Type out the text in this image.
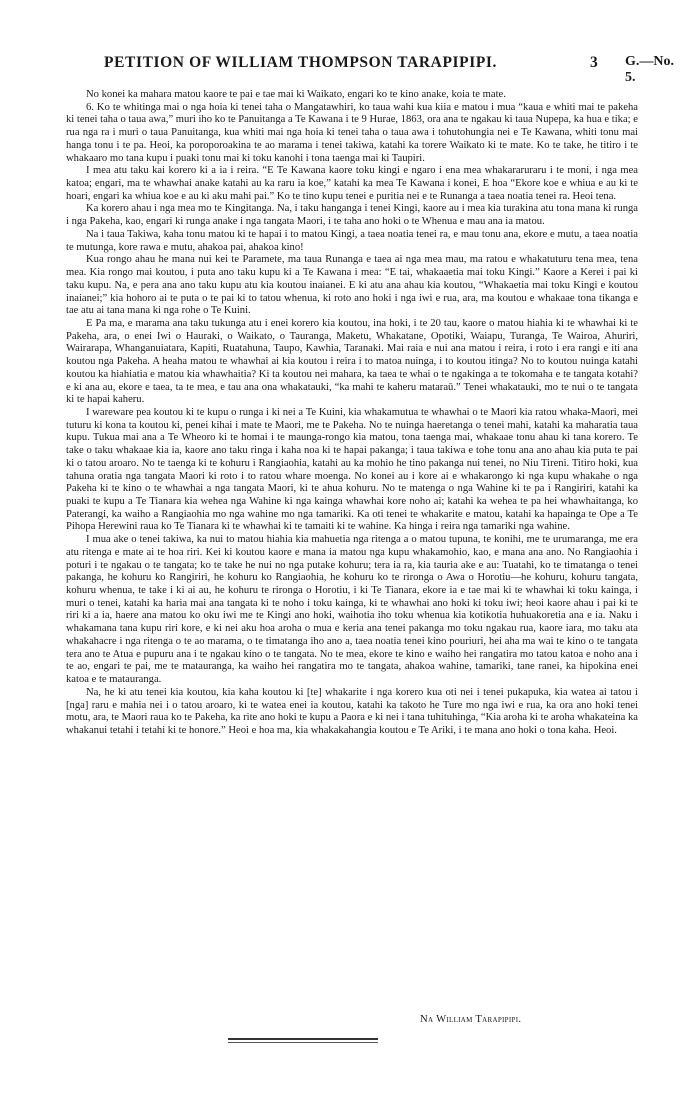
PETITION OF WILLIAM THOMPSON TARAPIPIPI.	3 G.—No. 5.

No konei ka mahara matou kaore te pai e tae mai ki Waikato, engari ko te kino anake, koia te mate.

6. Ko te whitinga mai o nga hoia ki tenei taha o Mangatawhiri, ko taua wahi kua kiia e matou i mua “kaua e whiti mai te pakeha ki tenei taha o taua awa,” muri iho ko te Panuitanga a Te Kawana i te 9 Hurae, 1863, ora ana te ngakau ki taua Nupepa, ka hua e tika; e rua nga ra i muri o taua Panuitanga, kua whiti mai nga hoia ki tenei taha o taua awa i tohutohungia nei e Te Kawana, whiti tonu mai hanga tonu i te pa. Heoi, ka poroporoakina te ao marama i tenei takiwa, katahi ka torere Waikato ki te mate. Ko te take, he titiro i te whakaaro mo tana kupu i puaki tonu mai ki toku kanohi i tona taenga mai ki Taupiri.

I mea atu taku kai korero ki a ia i reira. “E Te Kawana kaore toku kingi e ngaro i ena mea whakararuraru i te moni, i nga mea katoa; engari, ma te whawhai anake katahi au ka raru ia koe,” katahi ka mea Te Kawana i konei, E hoa “Ekore koe e whiua e au ki te hoari, engari ka whiua koe e au ki aku mahi pai.” Ko te tino kupu tenei e puritia nei e te Runanga a taea noatia tenei ra. Heoi tena.

Ka korero ahau i nga mea mo te Kingitanga. Na, i taku hanganga i tenei Kingi, kaore au i mea kia turakina atu tona mana ki runga i nga Pakeha, kao, engari ki runga anake i nga tangata Maori, i te taha ano hoki o te Whenua e mau ana ia matou.

Na i taua Takiwa, kaha tonu matou ki te hapai i to matou Kingi, a taea noatia tenei ra, e mau tonu ana, ekore e mutu, a taea noatia te mutunga, kore rawa e mutu, ahakoa pai, ahakoa kino!

Kua rongo ahau he mana nui kei te Paramete, ma taua Runanga e taea ai nga mea mau, ma ratou e whakatuturu tena mea, tena mea. Kia rongo mai koutou, i puta ano taku kupu ki a Te Kawana i mea: “E tai, whakaaetia mai toku Kingi.” Kaore a Kerei i pai ki taku kupu. Na, e pera ana ano taku kupu atu kia koutou inaianei. E ki atu ana ahau kia koutou, “Whakaetia mai toku Kingi e koutou inaianei;” kia hohoro ai te puta o te pai ki to tatou whenua, ki roto ano hoki i nga iwi e rua, ara, ma koutou e whakaae tona tikanga e tae atu ai tana mana ki nga rohe o Te Kuini.

E Pa ma, e marama ana taku tukunga atu i enei korero kia koutou, ina hoki, i te 20 tau, kaore o matou hiahia ki te whawhai ki te Pakeha, ara, o enei Iwi o Hauraki, o Waikato, o Tauranga, Maketu, Whakatane, Opotiki, Waiapu, Turanga, Te Wairoa, Ahuriri, Wairarapa, Whanganuiatara, Kapiti, Ruatahuna, Taupo, Kawhia, Taranaki. Mai raia e nui ana matou i reira, i roto i era rangi e iti ana koutou nga Pakeha. A heaha matou te whawhai ai kia koutou i reira i to matoa nuinga, i to koutou itinga? No to koutou nuinga katahi koutou ka hiahiatia e matou kia whawhaitia? Ki ta koutou nei mahara, ka taea te whai o te ngakinga a te tokomaha e te tangata kotahi? e ki ana au, ekore e taea, ta te mea, e tau ana ona whakatauki, “ka mahi te kaheru mataraū.” Tenei whakatauki, mo te nui o te tangata ki te hapai kaheru.

I wareware pea koutou ki te kupu o runga i ki nei a Te Kuini, kia whakamutua te whawhai o te Maori kia ratou whaka-Maori, mei tuturu ki kona ta koutou ki, penei kihai i mate te Maori, me te Pakeha. No te nuinga haeretanga o tenei mahi, katahi ka maharatia taua kupu. Tukua mai ana a Te Wheoro ki te homai i te maunga-rongo kia matou, tona taenga mai, whakaae tonu ahau ki tana korero. Te take o taku whakaae kia ia, kaore ano taku ringa i kaha noa ki te hapai pakanga; i taua takiwa e tohe tonu ana ano ahau kia puta te pai ki o tatou aroaro. No te taenga ki te kohuru i Rangiaohia, katahi au ka mohio he tino pakanga nui tenei, no Niu Tireni. Titiro hoki, kua tahuna oratia nga tangata Maori ki roto i to ratou whare moenga. No konei au i kore ai e whakarongo ki nga kupu whakahe o nga Pakeha ki te kino o te whawhai a nga tangata Maori, ki te ahua kohuru. No te matenga o nga Wahine ki te pa i Rangiriri, katahi ka puaki te kupu a Te Tianara kia wehea nga Wahine ki nga kainga whawhai kore noho ai; katahi ka wehea te pa hei whawhaitanga, ko Paterangi, ka waiho a Rangiaohia mo nga wahine mo nga tamariki. Ka oti tenei te whakarite e matou, katahi ka hapainga te Ope a Te Pihopa Herewini raua ko Te Tianara ki te whawhai ki te tamaiti ki te wahine. Ka hinga i reira nga tamariki nga wahine.

I mua ake o tenei takiwa, ka nui to matou hiahia kia mahuetia nga ritenga a o matou tupuna, te konihi, me te urumaranga, me era atu ritenga e mate ai te hoa riri. Kei ki koutou kaore e mana ia matou nga kupu whakamohio, kao, e mana ana ano. No Rangiaohia i poturi i te ngakau o te tangata; ko te take he nui no nga putake kohuru; tera ia ra, kia tauria ake e au: Tuatahi, ko te timatanga o tenei pakanga, he kohuru ko Rangiriri, he kohuru ko Rangiaohia, he kohuru ko te rironga o Awa o Horotiu—he kohuru, kohuru tangata, kohuru whenua, te take i ki ai au, he kohuru te rironga o Horotiu, i ki Te Tianara, ekore ia e tae mai ki te whawhai ki toku kainga, i muri o tenei, katahi ka haria mai ana tangata ki te noho i toku kainga, ki te whawhai ano hoki ki toku iwi; heoi kaore ahau i pai ki te riri ki a ia, haere ana matou ko oku iwi me te Kingi ano hoki, waihotia iho toku whenua kia kotikotia huhuakoretia ana e ia. Naku i whakamana tana kupu riri kore, e ki nei aku hoa aroha o mua e keria ana tenei pakanga mo toku ngakau rua, kaore iara, mo taku ata whakahacre i nga ritenga o te ao marama, o te timatanga iho ano a, taea noatia tenei kino pouriuri, hei aha ma wai te kino o te tangata tera ano te Atua e pupuru ana i te ngakau kino o te tangata. No te mea, ekore te kino e waiho hei rangatira mo tatou katoa e noho ana i te ao, engari te pai, me te matauranga, ka waiho hei rangatira mo te tangata, ahakoa wahine, tamariki, tane ranei, ka hipokina enei katoa e te matauranga.

Na, he ki atu tenei kia koutou, kia kaha koutou ki [te] whakarite i nga korero kua oti nei i tenei pukapuka, kia watea ai tatou i [nga] raru e mahia nei i o tatou aroaro, ki te watea enei ia koutou, katahi ka takoto he Ture mo nga iwi e rua, ka ora ano hoki tenei motu, ara, te Maori raua ko te Pakeha, ka rite ano hoki te kupu a Paora e ki nei i tana tuhituhinga, “Kia aroha ki te aroha whakateina ka whakanui tetahi i tetahi ki te honore.” Heoi e hoa ma, kia whakakahangia koutou e Te Ariki, i te mana ano hoki o tona kaha. Heoi.

Na William Tarapipipi.
